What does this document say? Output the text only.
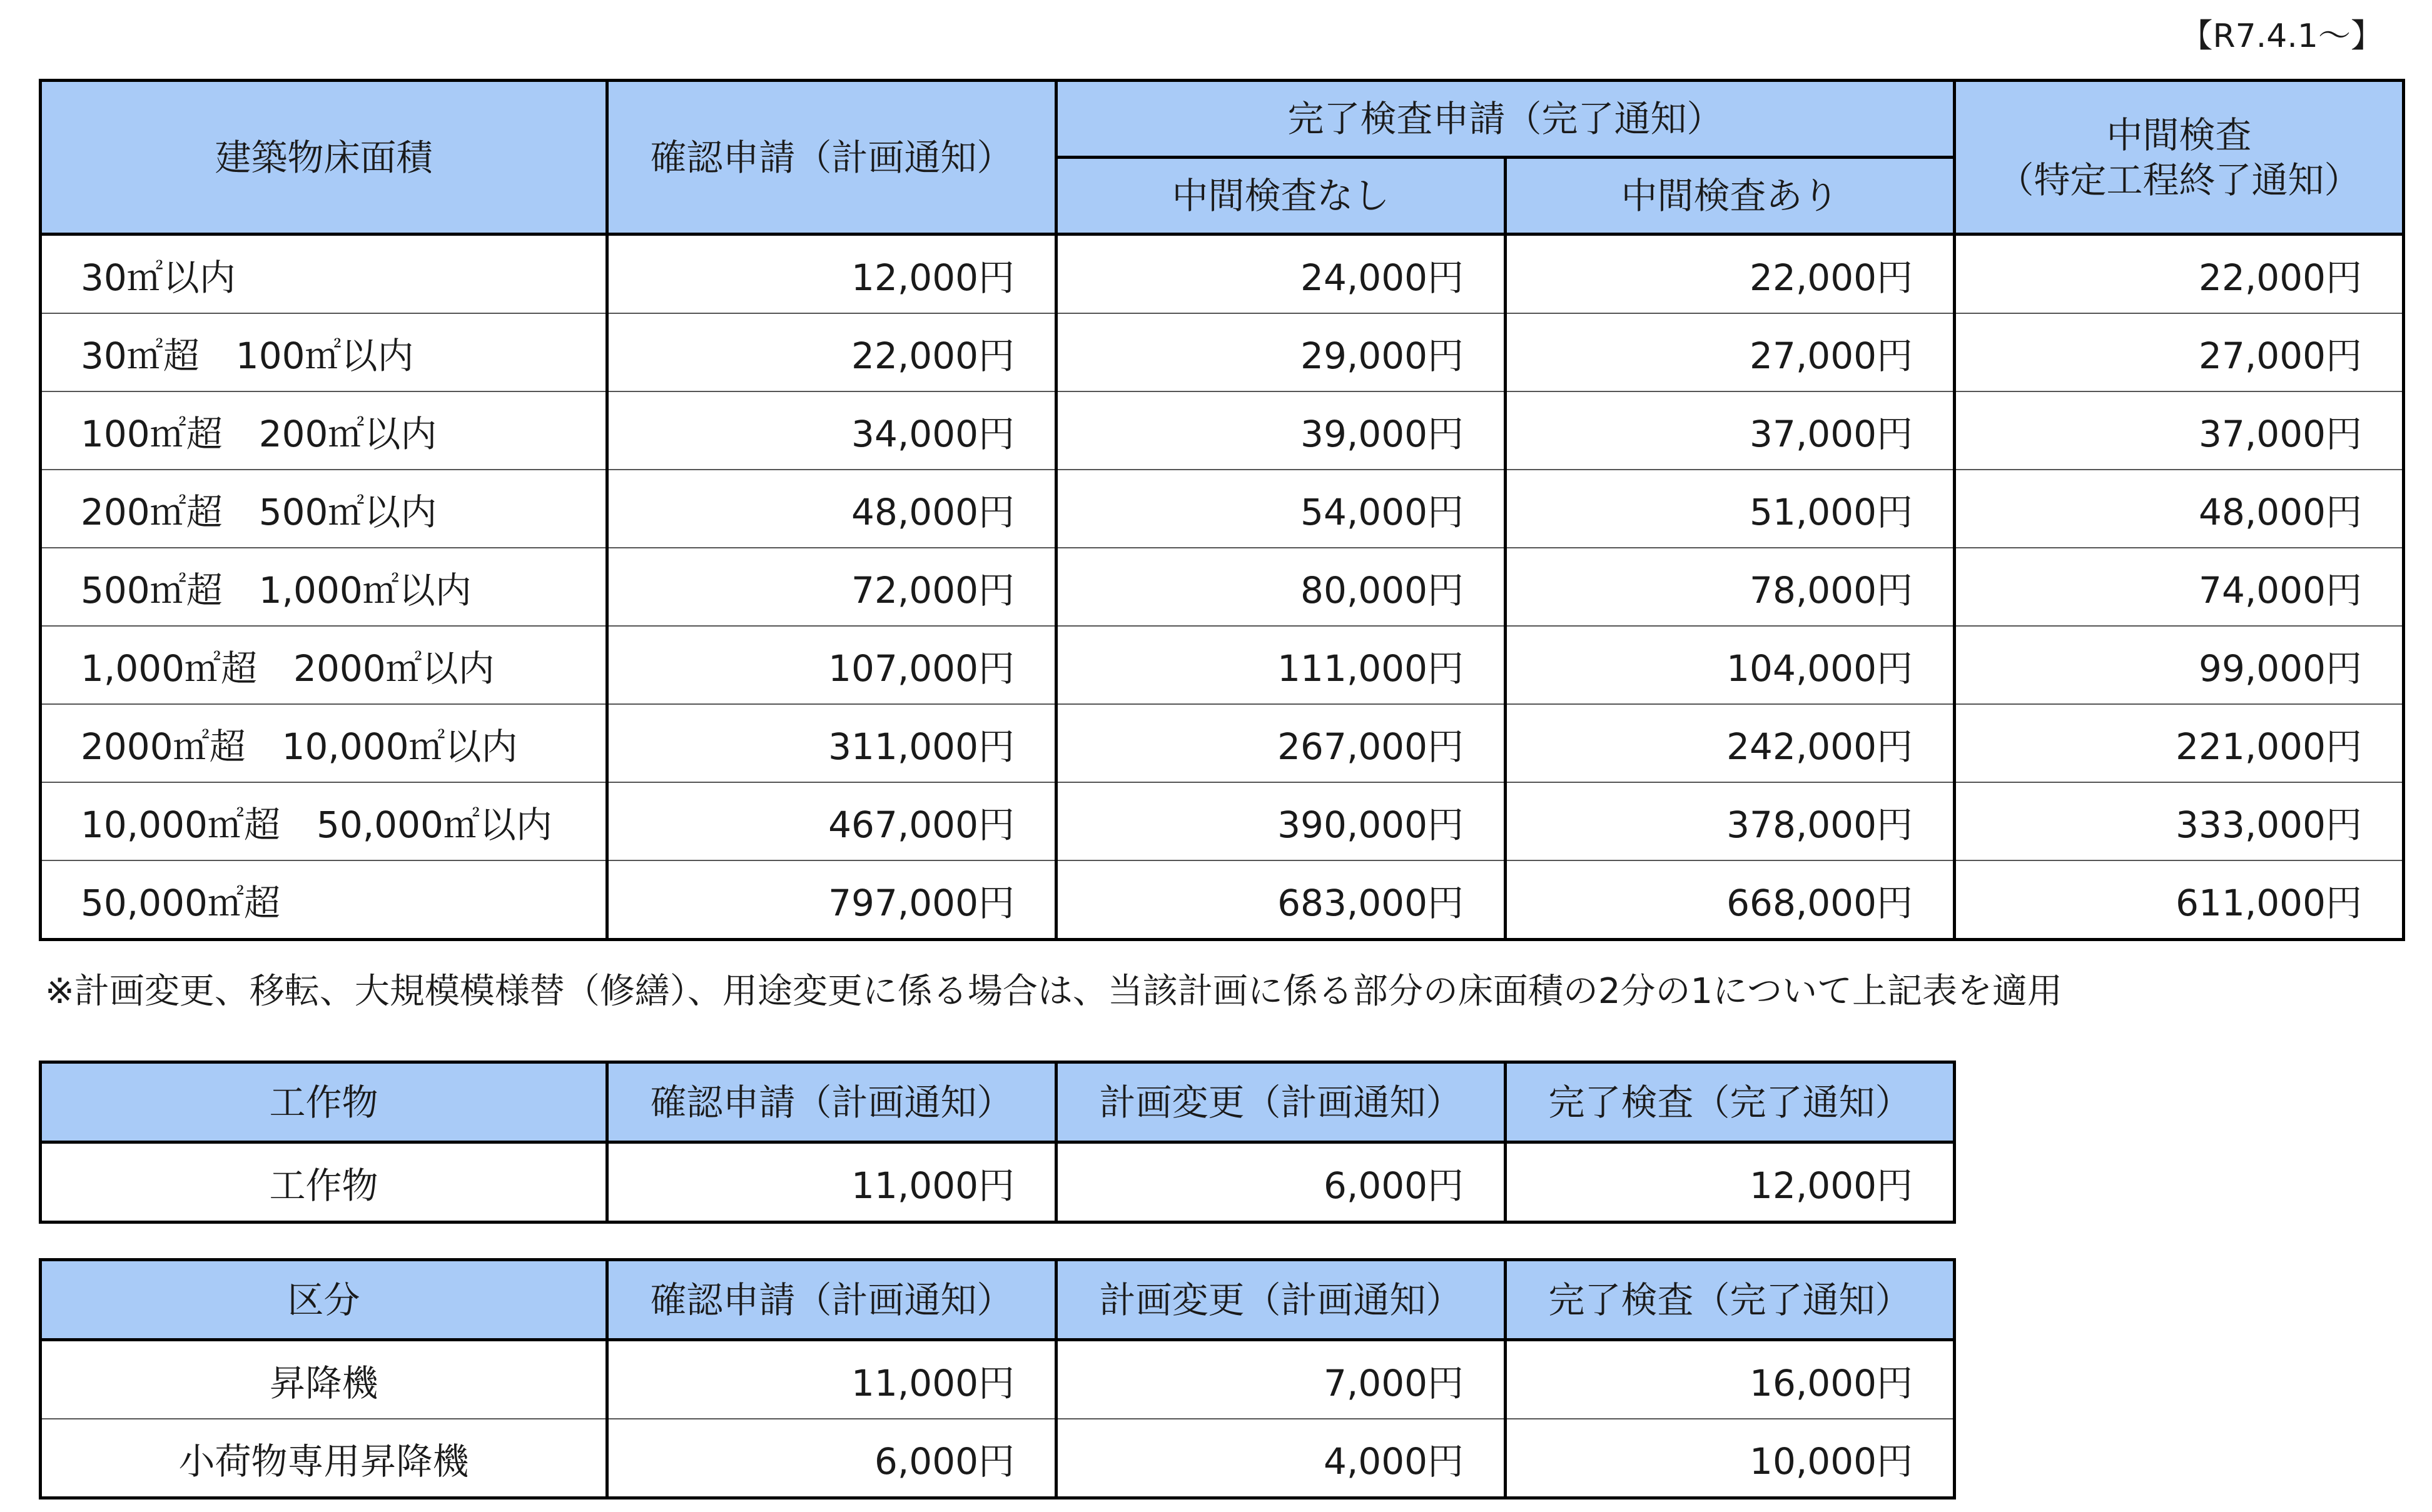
【R7.4.1～】
建築物床面積	確認申請（計画通知）	完了検査申請（完了通知）		中間検査
（特定工程終了通知）

		中間検査なし	中間検査あり	
30㎡以内	12,000円	24,000円	22,000円	22,000円
30㎡超　100㎡以内	22,000円	29,000円	27,000円	27,000円
100㎡超　200㎡以内	34,000円	39,000円	37,000円	37,000円
200㎡超　500㎡以内	48,000円	54,000円	51,000円	48,000円
500㎡超　1,000㎡以内	72,000円	80,000円	78,000円	74,000円
1,000㎡超　2000㎡以内	107,000円	111,000円	104,000円	99,000円
2000㎡超　10,000㎡以内	311,000円	267,000円	242,000円	221,000円
10,000㎡超　50,000㎡以内	467,000円	390,000円	378,000円	333,000円
50,000㎡超	797,000円	683,000円	668,000円	611,000円
※計画変更、移転、大規模模様替（修繕）、用途変更に係る場合は、当該計画に係る部分の床面積の2分の1について上記表を適用
工作物	確認申請（計画通知）	計画変更（計画通知）	完了検査（完了通知）
工作物	11,000円	6,000円	12,000円
区分	確認申請（計画通知）	計画変更（計画通知）	完了検査（完了通知）
昇降機	11,000円	7,000円	16,000円
小荷物専用昇降機	6,000円	4,000円	10,000円
